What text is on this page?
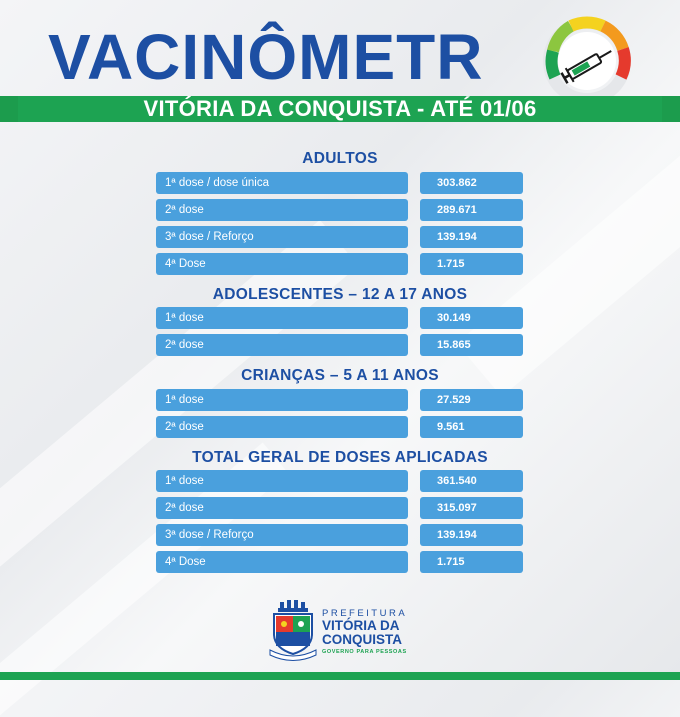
VACINÔMETR
VITÓRIA DA CONQUISTA - ATÉ 01/06
ADULTOS
1ª dose / dose única	303.862
2ª dose	289.671
3ª dose / Reforço	139.194
4ª Dose	1.715
ADOLESCENTES – 12 A 17 ANOS
1ª dose	30.149
2ª dose	15.865
CRIANÇAS – 5 A 11 ANOS
1ª dose	27.529
2ª dose	9.561
TOTAL GERAL DE DOSES APLICADAS
1ª dose	361.540
2ª dose	315.097
3ª dose / Reforço	139.194
4ª Dose	1.715
PREFEITURA
VITÓRIA DA
CONQUISTA
GOVERNO PARA PESSOAS
